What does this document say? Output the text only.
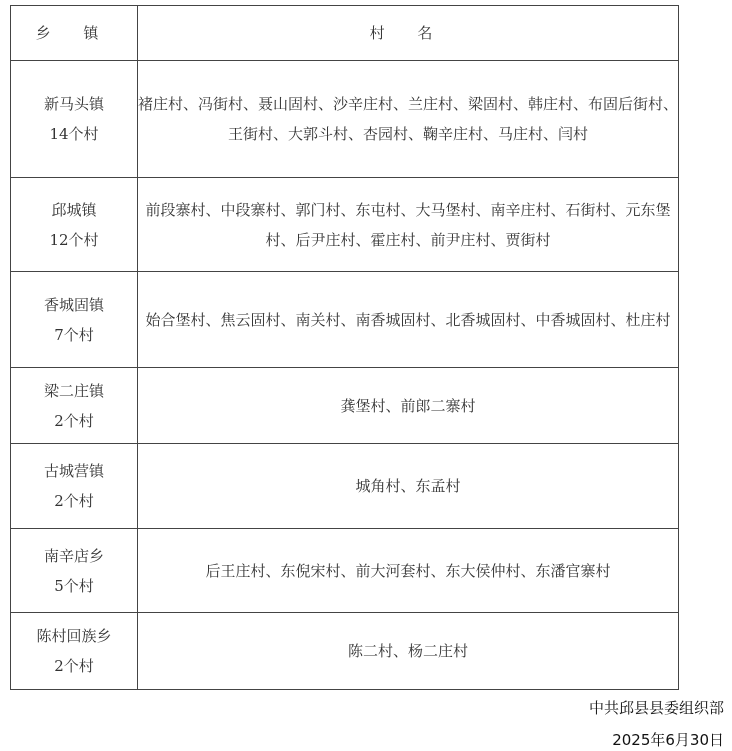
乡 镇	村 名

新马头镇
14个村	褚庄村、冯街村、聂山固村、沙辛庄村、兰庄村、梁固村、韩庄村、布固后街村、王街村、大郭斗村、杏园村、鞠辛庄村、马庄村、闫村

邱城镇
12个村	前段寨村、中段寨村、郭门村、东屯村、大马堡村、南辛庄村、石街村、元东堡村、后尹庄村、霍庄村、前尹庄村、贾街村

香城固镇
7个村	始合堡村、焦云固村、南关村、南香城固村、北香城固村、中香城固村、杜庄村

梁二庄镇
2个村	龚堡村、前郎二寨村

古城营镇
2个村	城角村、东孟村

南辛店乡
5个村	后王庄村、东倪宋村、前大河套村、东大侯仲村、东潘官寨村

陈村回族乡
2个村	陈二村、杨二庄村
中共邱县县委组织部
2025年6月30日
